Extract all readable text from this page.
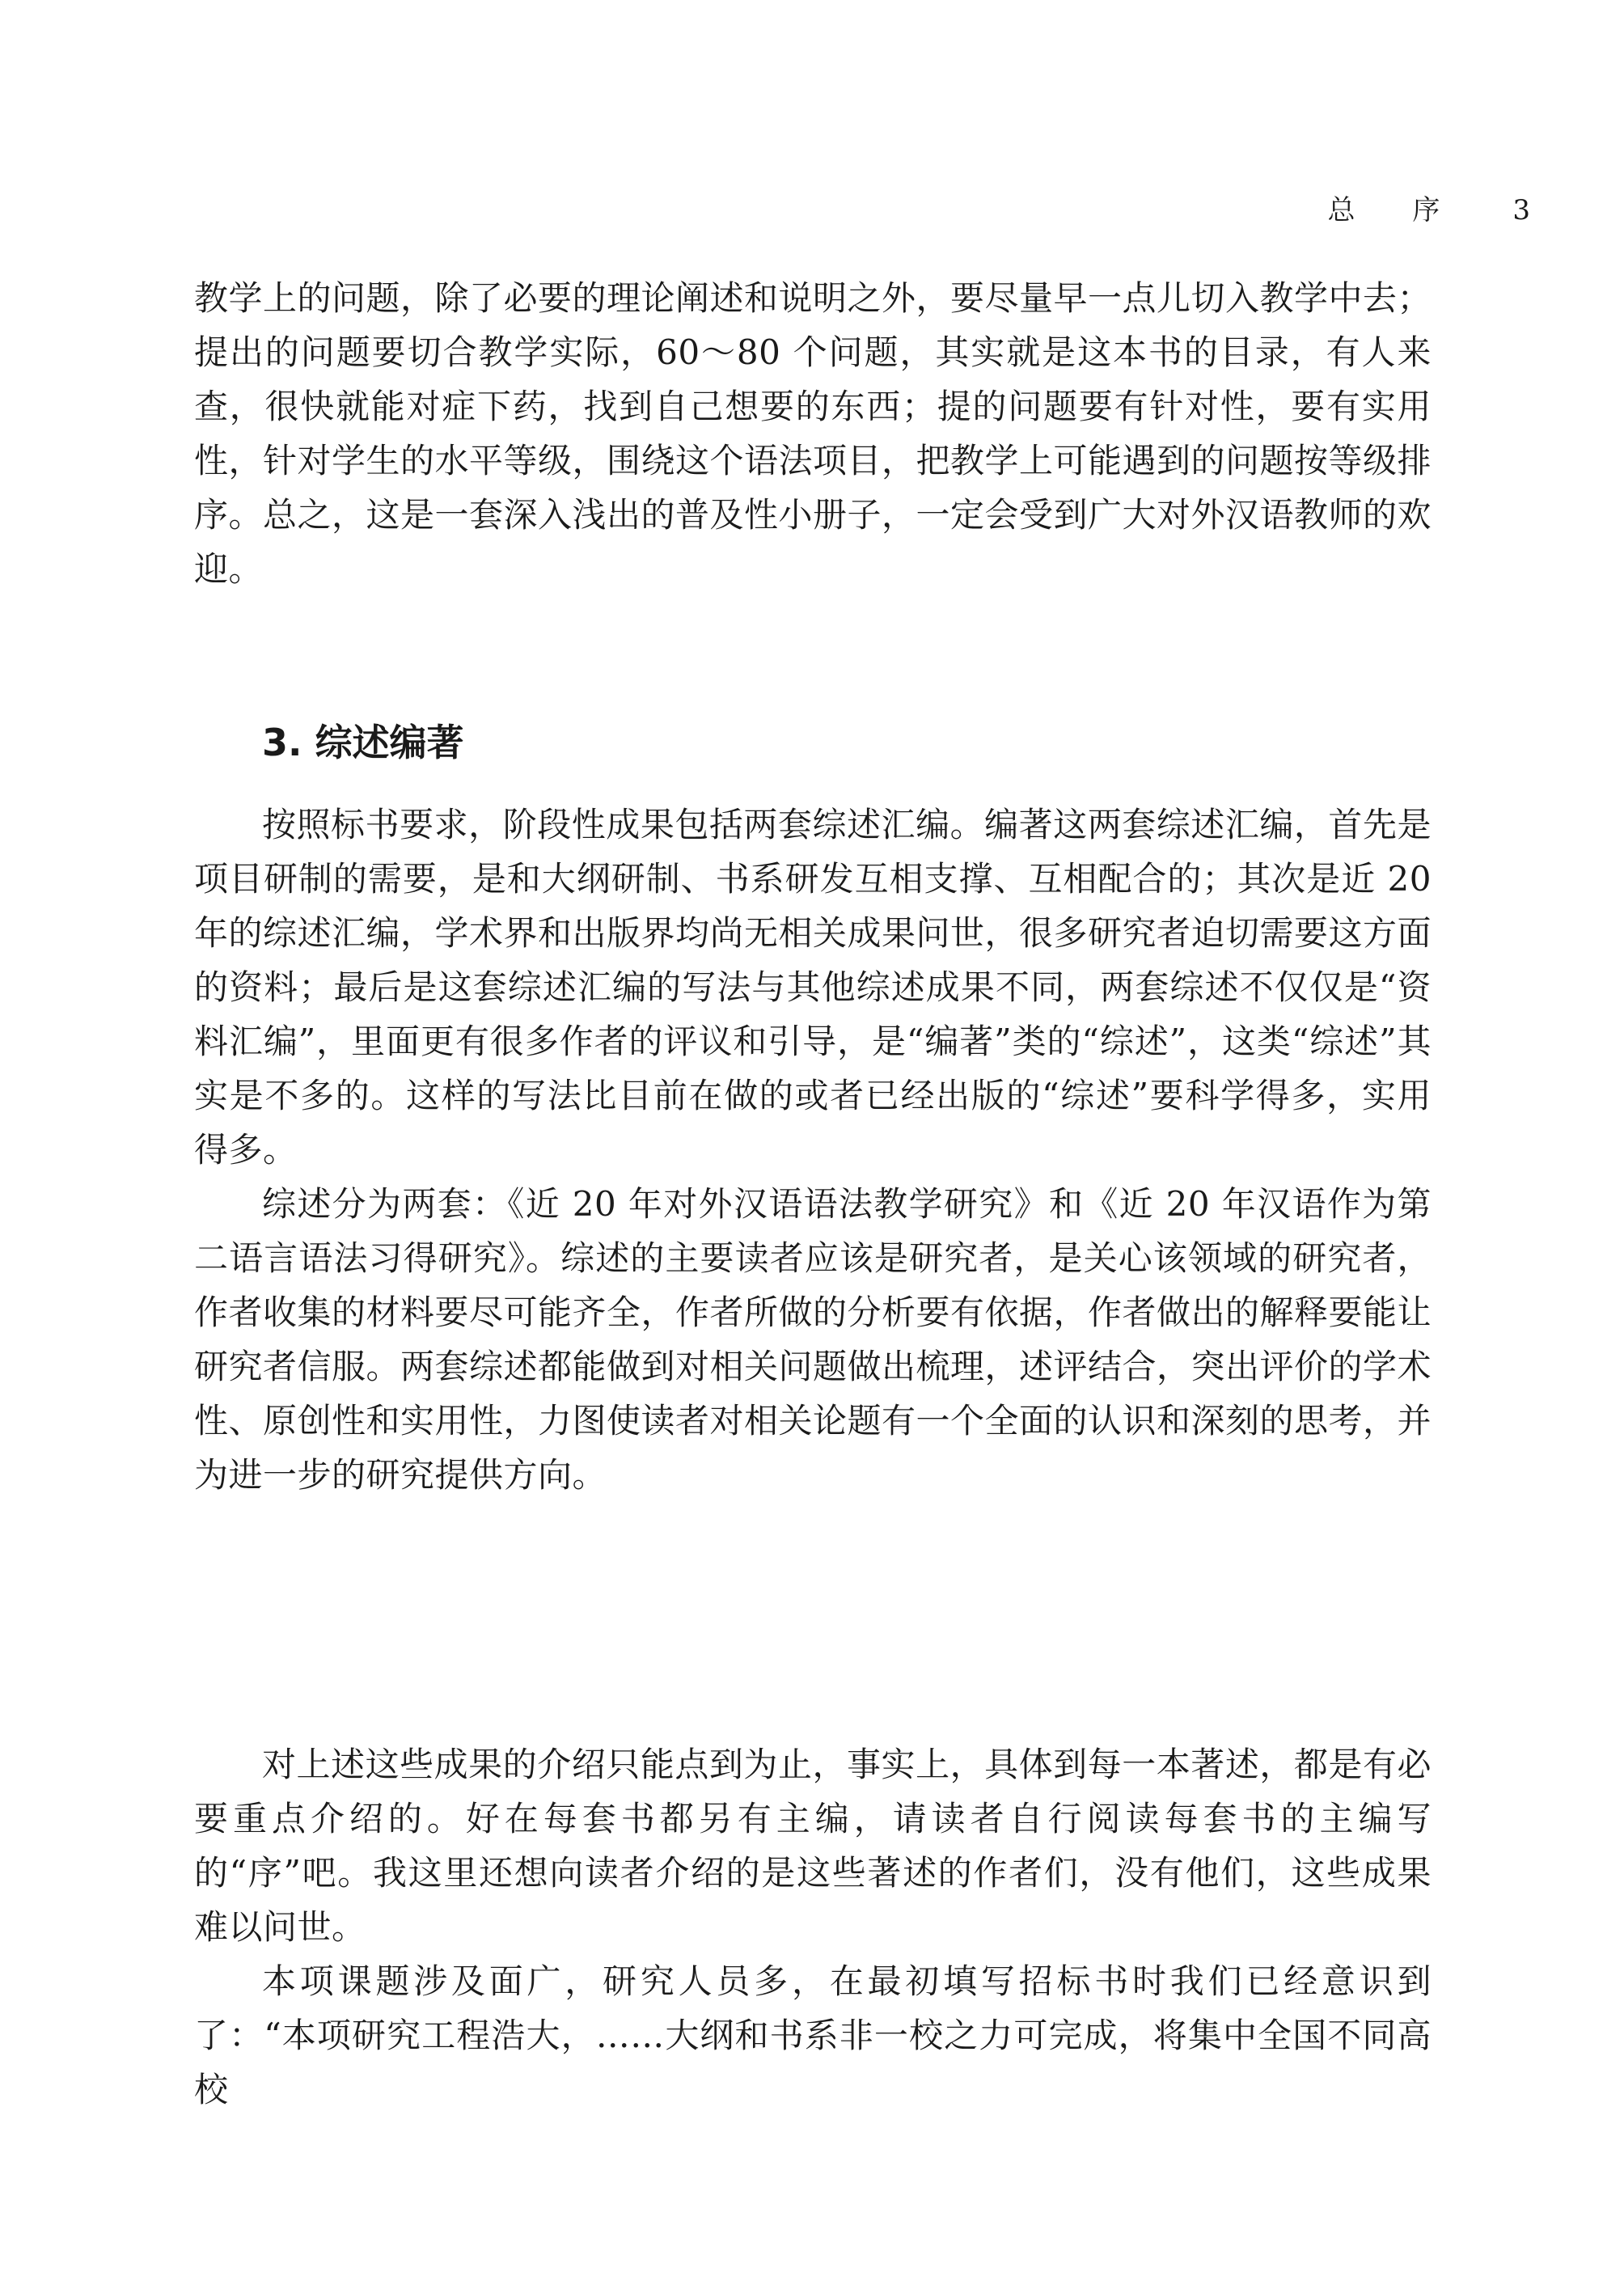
总 序 3

教学上的问题，除了必要的理论阐述和说明之外，要尽量早一点儿切入教学中去；提出的问题要切合教学实际，60～80 个问题，其实就是这本书的目录，有人来查，很快就能对症下药，找到自己想要的东西；提的问题要有针对性，要有实用性，针对学生的水平等级，围绕这个语法项目，把教学上可能遇到的问题按等级排序。总之，这是一套深入浅出的普及性小册子，一定会受到广大对外汉语教师的欢迎。

3. 综述编著

按照标书要求，阶段性成果包括两套综述汇编。编著这两套综述汇编，首先是项目研制的需要，是和大纲研制、书系研发互相支撑、互相配合的；其次是近 20 年的综述汇编，学术界和出版界均尚无相关成果问世，很多研究者迫切需要这方面的资料；最后是这套综述汇编的写法与其他综述成果不同，两套综述不仅仅是“资料汇编”，里面更有很多作者的评议和引导，是“编著”类的“综述”，这类“综述”其实是不多的。这样的写法比目前在做的或者已经出版的“综述”要科学得多，实用得多。

综述分为两套：《近 20 年对外汉语语法教学研究》和《近 20 年汉语作为第二语言语法习得研究》。综述的主要读者应该是研究者，是关心该领域的研究者，作者收集的材料要尽可能齐全，作者所做的分析要有依据，作者做出的解释要能让研究者信服。两套综述都能做到对相关问题做出梳理，述评结合，突出评价的学术性、原创性和实用性，力图使读者对相关论题有一个全面的认识和深刻的思考，并为进一步的研究提供方向。

对上述这些成果的介绍只能点到为止，事实上，具体到每一本著述，都是有必要重点介绍的。好在每套书都另有主编，请读者自行阅读每套书的主编写的“序”吧。我这里还想向读者介绍的是这些著述的作者们，没有他们，这些成果难以问世。

本项课题涉及面广，研究人员多，在最初填写招标书时我们已经意识到了：“本项研究工程浩大，……大纲和书系非一校之力可完成，将集中全国不同高校
